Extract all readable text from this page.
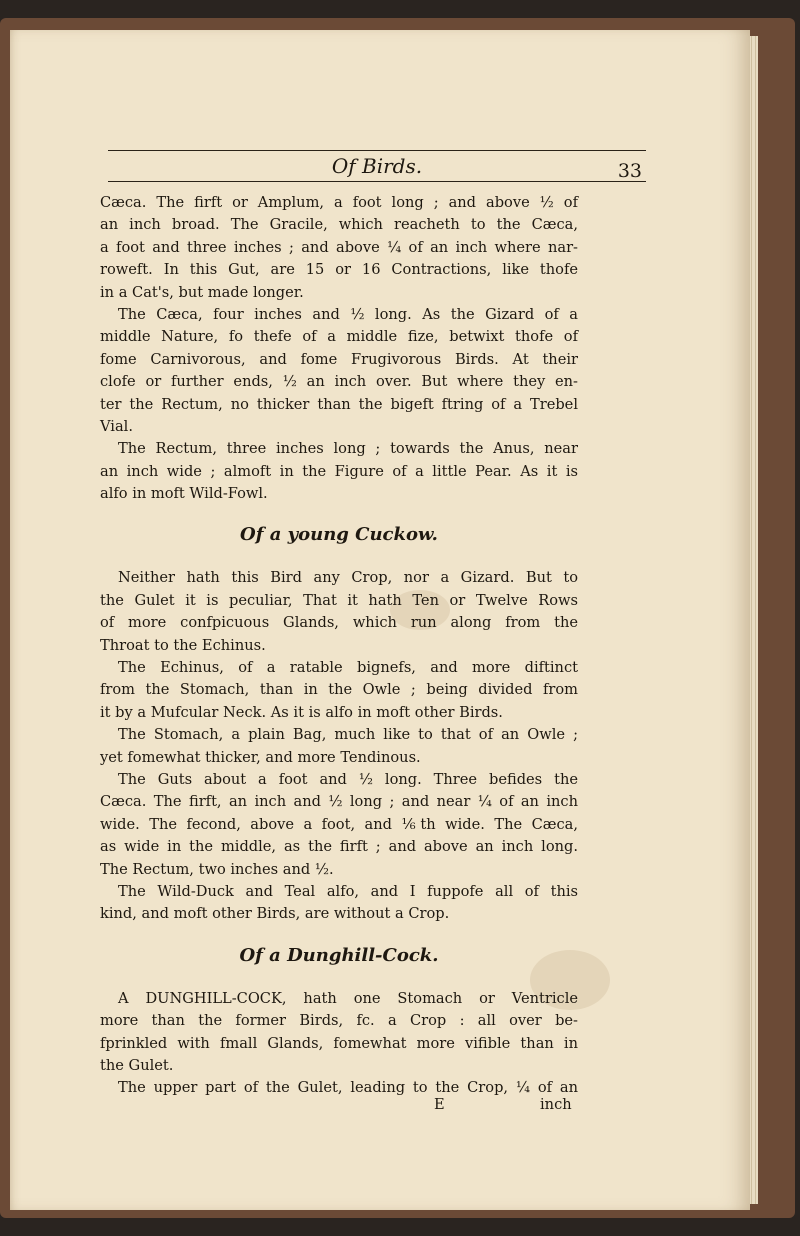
Of Birds.	33
Cæca. The firft or Amplum, a foot long ; and above ½ of
an inch broad. The Gracile, which reacheth to the Cæca,
a foot and three inches ; and above ¼ of an inch where nar-
roweft. In this Gut, are 15 or 16 Contractions, like thofe
in a Cat's, but made longer.
The Cæca, four inches and ½ long. As the Gizard of a
middle Nature, fo thefe of a middle fize, betwixt thofe of
fome Carnivorous, and fome Frugivorous Birds. At their
clofe or further ends, ½ an inch over. But where they en-
ter the Rectum, no thicker than the bigeft ftring of a Trebel
Vial.
The Rectum, three inches long ; towards the Anus, near
an inch wide ; almoft in the Figure of a little Pear. As it is
alfo in moft Wild-Fowl.
Of a young Cuckow.
Neither hath this Bird any Crop, nor a Gizard. But to
the Gulet it is peculiar, That it hath Ten or Twelve Rows
of more confpicuous Glands, which run along from the
Throat to the Echinus.
The Echinus, of a ratable bignefs, and more diftinct
from the Stomach, than in the Owle ; being divided from
it by a Mufcular Neck. As it is alfo in moft other Birds.
The Stomach, a plain Bag, much like to that of an Owle ;
yet fomewhat thicker, and more Tendinous.
The Guts about a foot and ½ long. Three befides the
Cæca. The firft, an inch and ½ long ; and near ¼ of an inch
wide. The fecond, above a foot, and ⅙th wide. The Cæca,
as wide in the middle, as the firft ; and above an inch long.
The Rectum, two inches and ½.
The Wild-Duck and Teal alfo, and I fuppofe all of this
kind, and moft other Birds, are without a Crop.
Of a Dunghill-Cock.
A DUNGHILL-COCK, hath one Stomach or Ventricle
more than the former Birds, fc. a Crop : all over be-
fprinkled with fmall Glands, fomewhat more vifible than in
the Gulet.
The upper part of the Gulet, leading to the Crop, ¼ of an
E	inch
